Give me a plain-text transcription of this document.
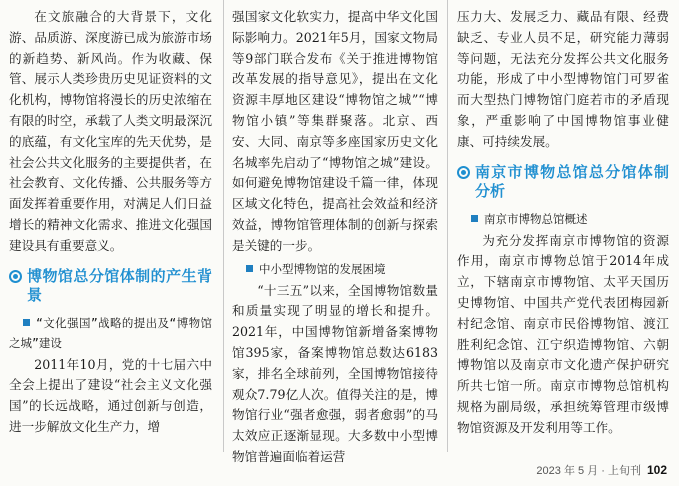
在文旅融合的大背景下，文化游、品质游、深度游已成为旅游市场的新趋势、新风尚。作为收藏、保管、展示人类珍贵历史见证资料的文化机构，博物馆将漫长的历史浓缩在有限的时空，承载了人类文明最深沉的底蕴，有文化宝库的先天优势，是社会公共文化服务的主要提供者，在社会教育、文化传播、公共服务等方面发挥着重要作用，对满足人们日益增长的精神文化需求、推进文化强国建设具有重要意义。

博物馆总分馆体制的产生背景
“文化强国”战略的提出及“博物馆之城”建设

2011年10月，党的十七届六中全会上提出了建设“社会主义文化强国”的长远战略，通过创新与创造，进一步解放文化生产力，增

强国家文化软实力，提高中华文化国际影响力。2021年5月，国家文物局等9部门联合发布《关于推进博物馆改革发展的指导意见》，提出在文化资源丰厚地区建设“博物馆之城”“博物馆小镇”等集群聚落。北京、西安、大同、南京等多座国家历史文化名城率先启动了“博物馆之城”建设。如何避免博物馆建设千篇一律，体现区域文化特色，提高社会效益和经济效益，博物馆管理体制的创新与探索是关键的一步。

中小型博物馆的发展困境

“十三五”以来，全国博物馆数量和质量实现了明显的增长和提升。2021年，中国博物馆新增备案博物馆395家，备案博物馆总数达6183家，排名全球前列，全国博物馆接待观众7.79亿人次。值得关注的是，博物馆行业“强者愈强，弱者愈弱”的马太效应正逐渐显现。大多数中小型博物馆普遍面临着运营

压力大、发展乏力、藏品有限、经费缺乏、专业人员不足，研究能力薄弱等问题，无法充分发挥公共文化服务功能，形成了中小型博物馆门可罗雀而大型热门博物馆门庭若市的矛盾现象，严重影响了中国博物馆事业健康、可持续发展。

南京市博物总馆总分馆体制分析
南京市博物总馆概述

为充分发挥南京市博物馆的资源作用，南京市博物总馆于2014年成立，下辖南京市博物馆、太平天国历史博物馆、中国共产党代表团梅园新村纪念馆、南京市民俗博物馆、渡江胜利纪念馆、江宁织造博物馆、六朝博物馆以及南京市文化遗产保护研究所共七馆一所。南京市博物总馆机构规格为副局级，承担统筹管理市级博物馆资源及开发利用等工作。

2023 年 5 月 · 上旬刊 102
